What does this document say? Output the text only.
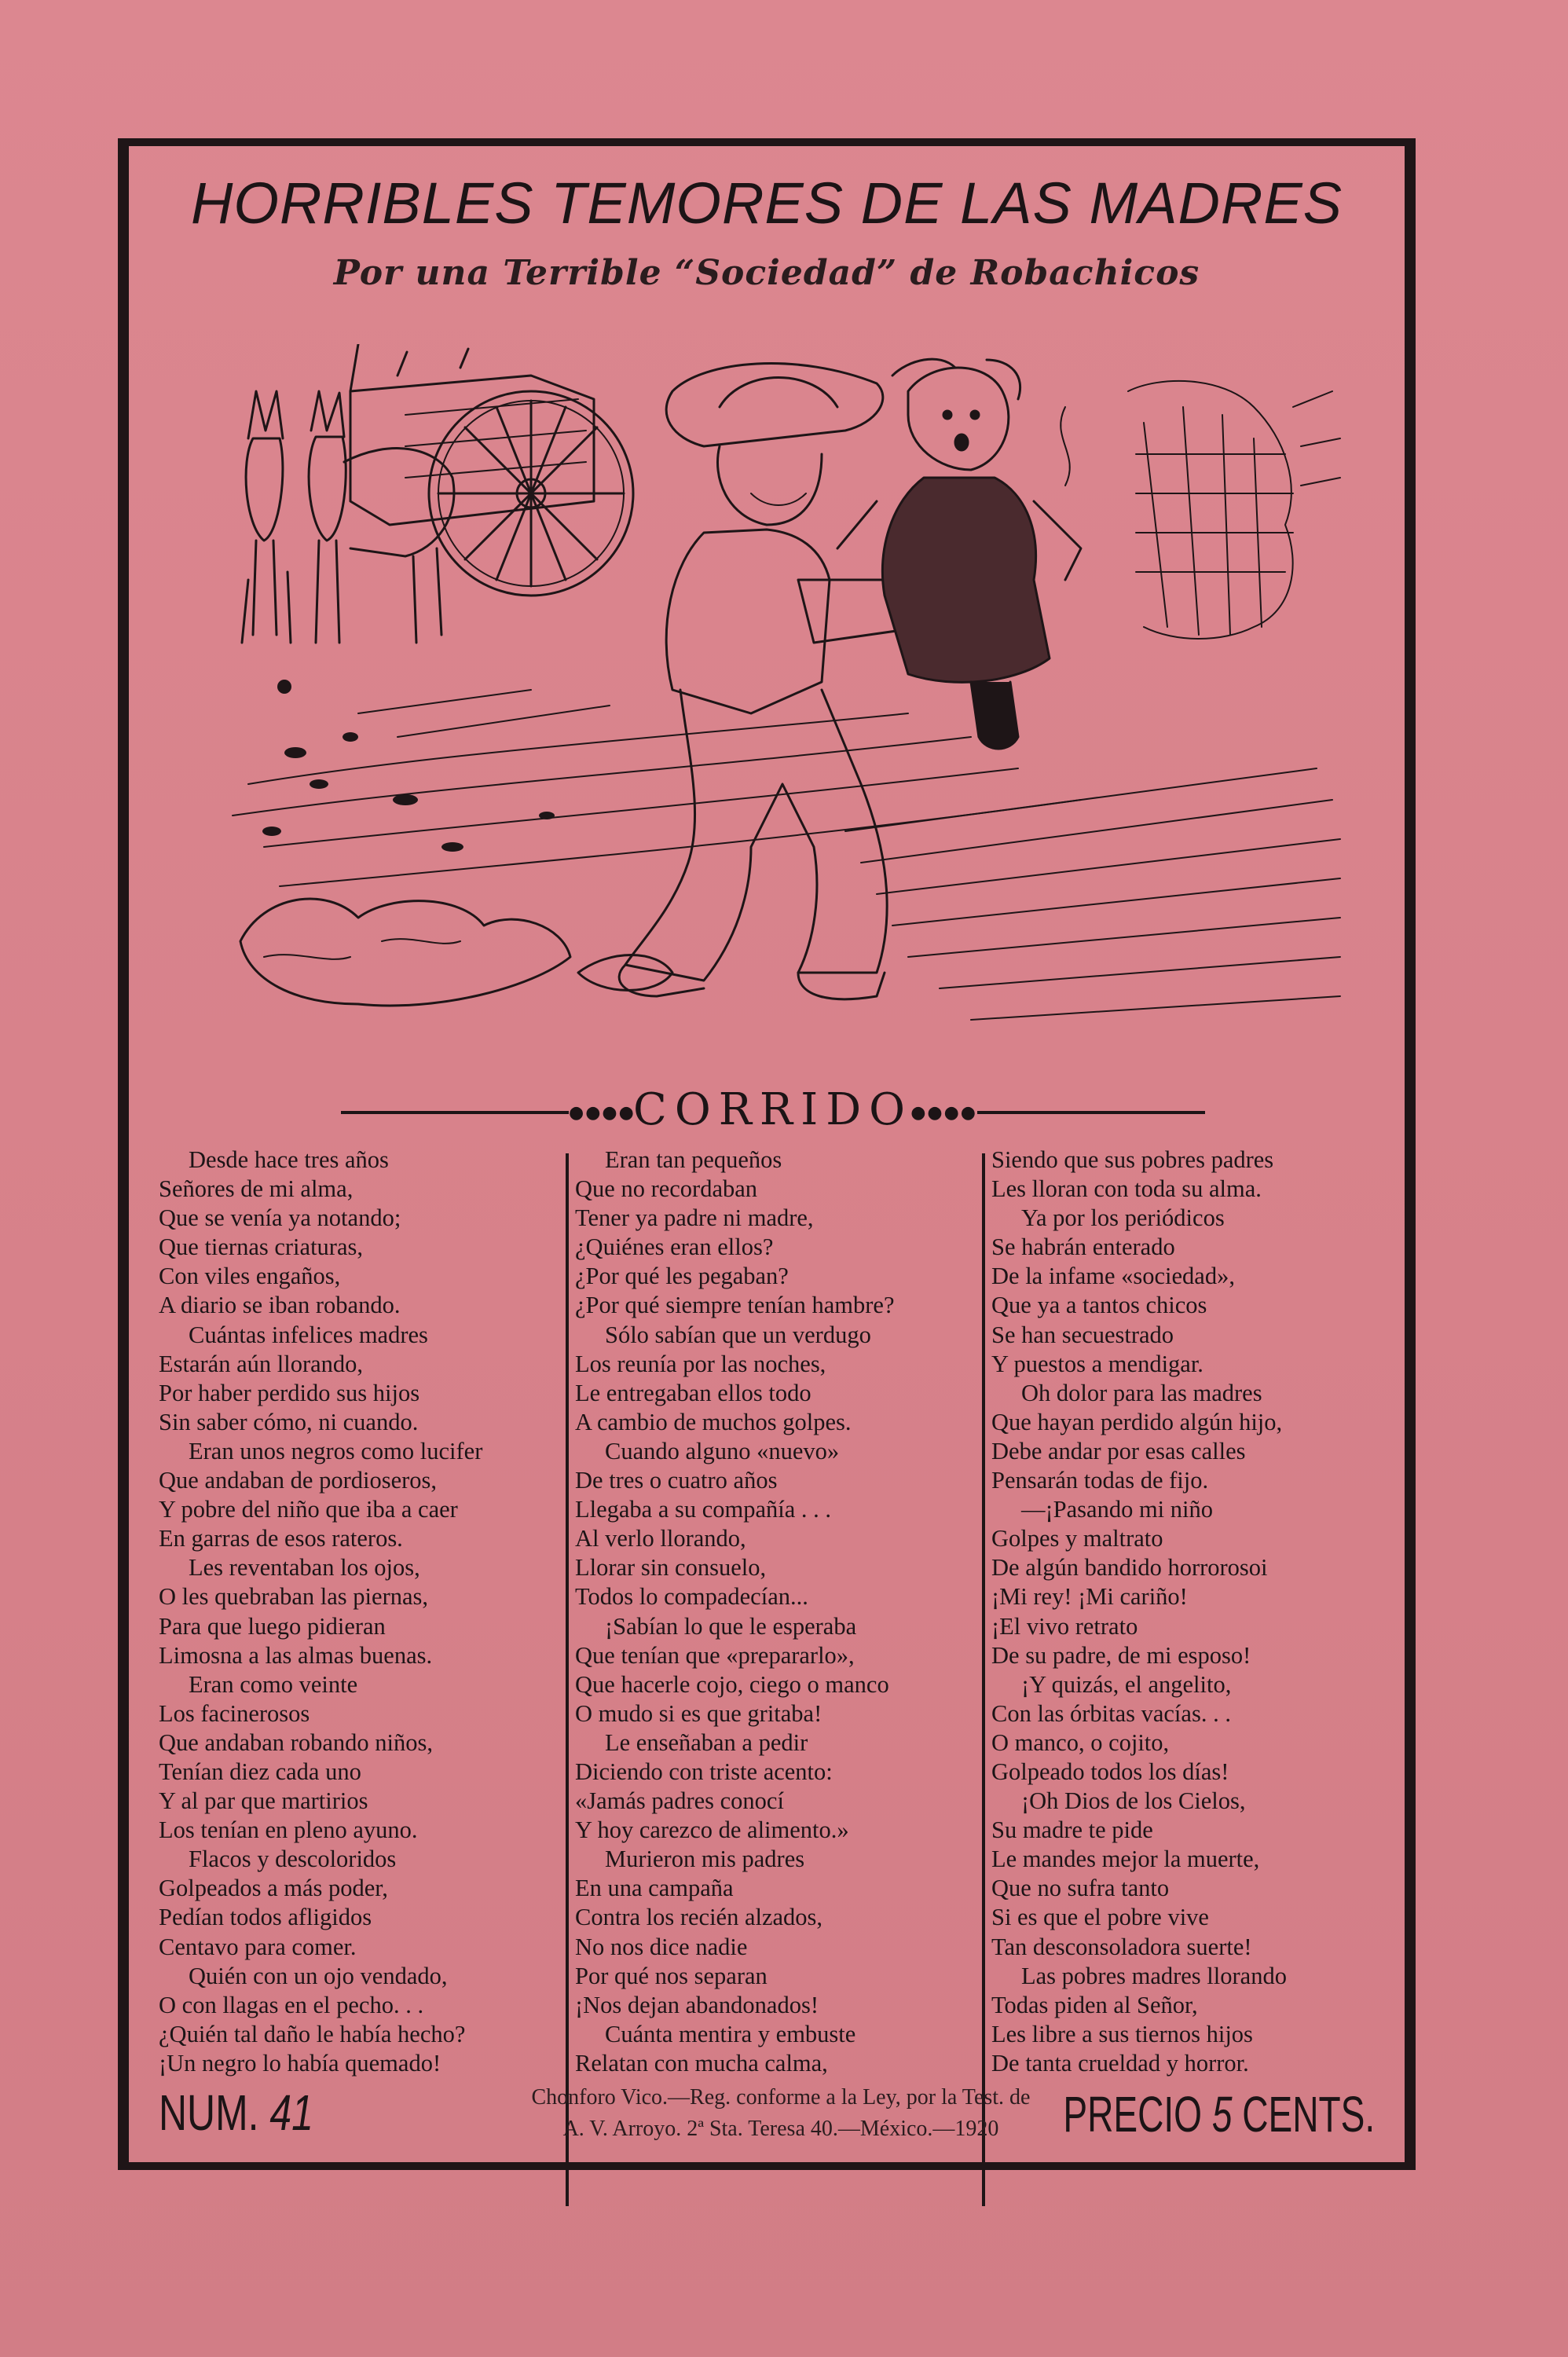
HORRIBLES TEMORES DE LAS MADRES
Por una Terrible “Sociedad” de Robachicos
●●●●
CORRIDO
●●●●
Desde hace tres años
Señores de mi alma,
Que se venía ya notando;
Que tiernas criaturas,
Con viles engaños,
A diario se iban robando.
Cuántas infelices madres
Estarán aún llorando,
Por haber perdido sus hijos
Sin saber cómo, ni cuando.
Eran unos negros como lucifer
Que andaban de pordioseros,
Y pobre del niño que iba a caer
En garras de esos rateros.
Les reventaban los ojos,
O les quebraban las piernas,
Para que luego pidieran
Limosna a las almas buenas.
Eran como veinte
Los facinerosos
Que andaban robando niños,
Tenían diez cada uno
Y al par que martirios
Los tenían en pleno ayuno.
Flacos y descoloridos
Golpeados a más poder,
Pedían todos afligidos
Centavo para comer.
Quién con un ojo vendado,
O con llagas en el pecho. . .
¿Quién tal daño le había hecho?
¡Un negro lo había quemado!
Eran tan pequeños
Que no recordaban
Tener ya padre ni madre,
¿Quiénes eran ellos?
¿Por qué les pegaban?
¿Por qué siempre tenían hambre?
Sólo sabían que un verdugo
Los reunía por las noches,
Le entregaban ellos todo
A cambio de muchos golpes.
Cuando alguno «nuevo»
De tres o cuatro años
Llegaba a su compañía . . .
Al verlo llorando,
Llorar sin consuelo,
Todos lo compadecían...
¡Sabían lo que le esperaba
Que tenían que «prepararlo»,
Que hacerle cojo, ciego o manco
O mudo si es que gritaba!
Le enseñaban a pedir
Diciendo con triste acento:
«Jamás padres conocí
Y hoy carezco de alimento.»
Murieron mis padres
En una campaña
Contra los recién alzados,
No nos dice nadie
Por qué nos separan
¡Nos dejan abandonados!
Cuánta mentira y embuste
Relatan con mucha calma,
Siendo que sus pobres padres
Les lloran con toda su alma.
Ya por los periódicos
Se habrán enterado
De la infame «sociedad»,
Que ya a tantos chicos
Se han secuestrado
Y puestos a mendigar.
Oh dolor para las madres
Que hayan perdido algún hijo,
Debe andar por esas calles
Pensarán todas de fijo.
—¡Pasando mi niño
Golpes y maltrato
De algún bandido horrorosoi
¡Mi rey! ¡Mi cariño!
¡El vivo retrato
De su padre, de mi esposo!
¡Y quizás, el angelito,
Con las órbitas vacías. . .
O manco, o cojito,
Golpeado todos los días!
¡Oh Dios de los Cielos,
Su madre te pide
Le mandes mejor la muerte,
Que no sufra tanto
Si es que el pobre vive
Tan desconsoladora suerte!
Las pobres madres llorando
Todas piden al Señor,
Les libre a sus tiernos hijos
De tanta crueldad y horror.
NUM. 41	Chonforo Vico.—Reg. conforme a la Ley, por la Test. de
A. V. Arroyo. 2ª Sta. Teresa 40.—México.—1920	PRECIO 5 CENTS.
